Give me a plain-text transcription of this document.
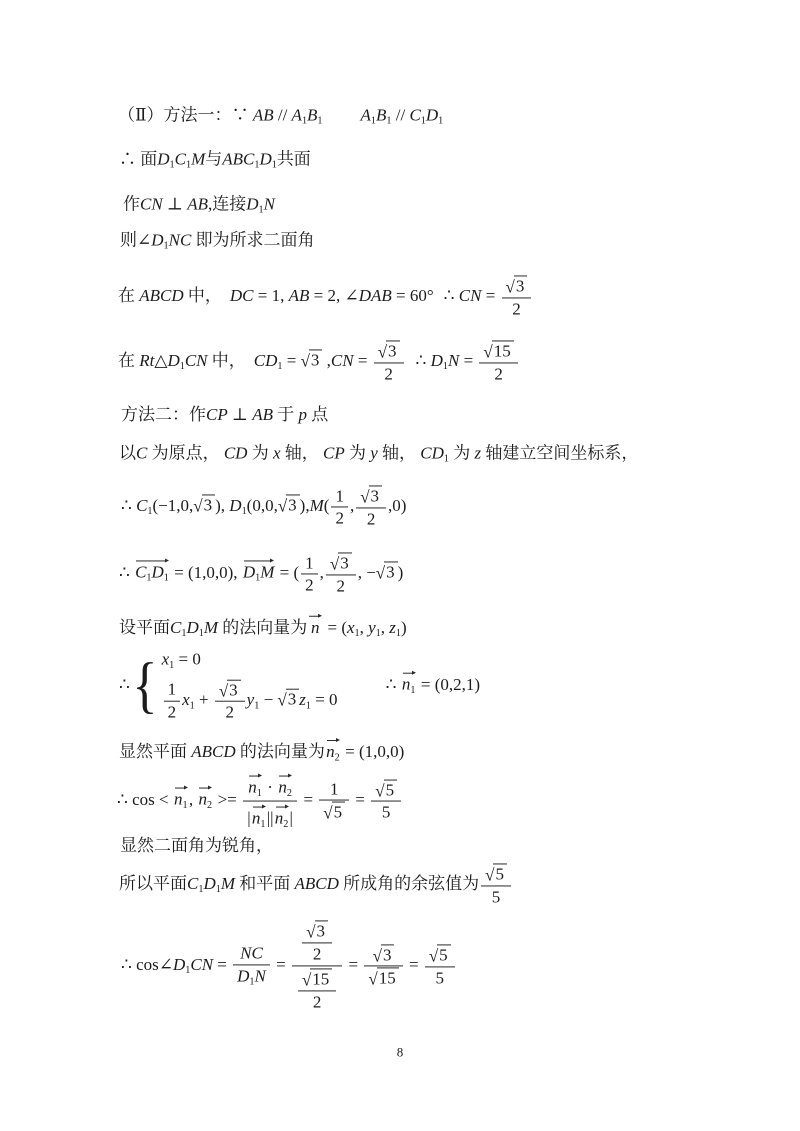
（Ⅱ）方法一：∵ AB // A1B1 A1B1 // C1D1
∴ 面D1C1M与ABC1D1共面
作CN ⊥ AB,连接D1N
则∠D1NC 即为所求二面角
在 ABCD 中， DC = 1, AB = 2, ∠DAB = 60° ∴ CN = $\frac{√3}{2}$
在 Rt△D1CN 中， CD1 = √3 $,CN = \frac{√3}{2}$ ∴ $D1N = \frac{√15}{2}$
方法二：作CP ⊥ AB 于 p 点
以C 为原点， CD 为 x 轴， CP 为 y 轴， CD1 为 z 轴建立空间坐标系，
∴ C1(−1,0,√3 ), D1(0,0,√3 )$,M( \frac{1}{2}$ , $\frac{√3}{2} ,0$)
∴ C1D1 = (1,0,0), D1M = ( $\frac{1}{2}$ , $\frac{√3}{2}$ , −√3 )
设平面C1D1M 的法向量为 n = (x1, y1, z1)
∴{ x1 = 0
$\frac{1}{2} x1 + \frac{√3}{2} y1 - √3$ z1 = 0
∴ n1 = (0,2,1)
显然平面 ABCD 的法向量为 n2 = (1,0,0)
∴ cos < n1 , $n2 >= \frac{n1 \cdot n2}{| n1 || n2 |} = \frac{1}{√5} = \frac{√5}{5}$
显然二面角为锐角，
所以平面C1D1M 和平面 ABCD 所成角的余弦值为 $\frac{√5}{5}$
∴ cos∠D1CN = $\frac{NC}{D1N} = \frac{\frac{√3}{2}}{\frac{√15}{2}} = \frac{√3}{√15} = \frac{√5}{5}$
8
